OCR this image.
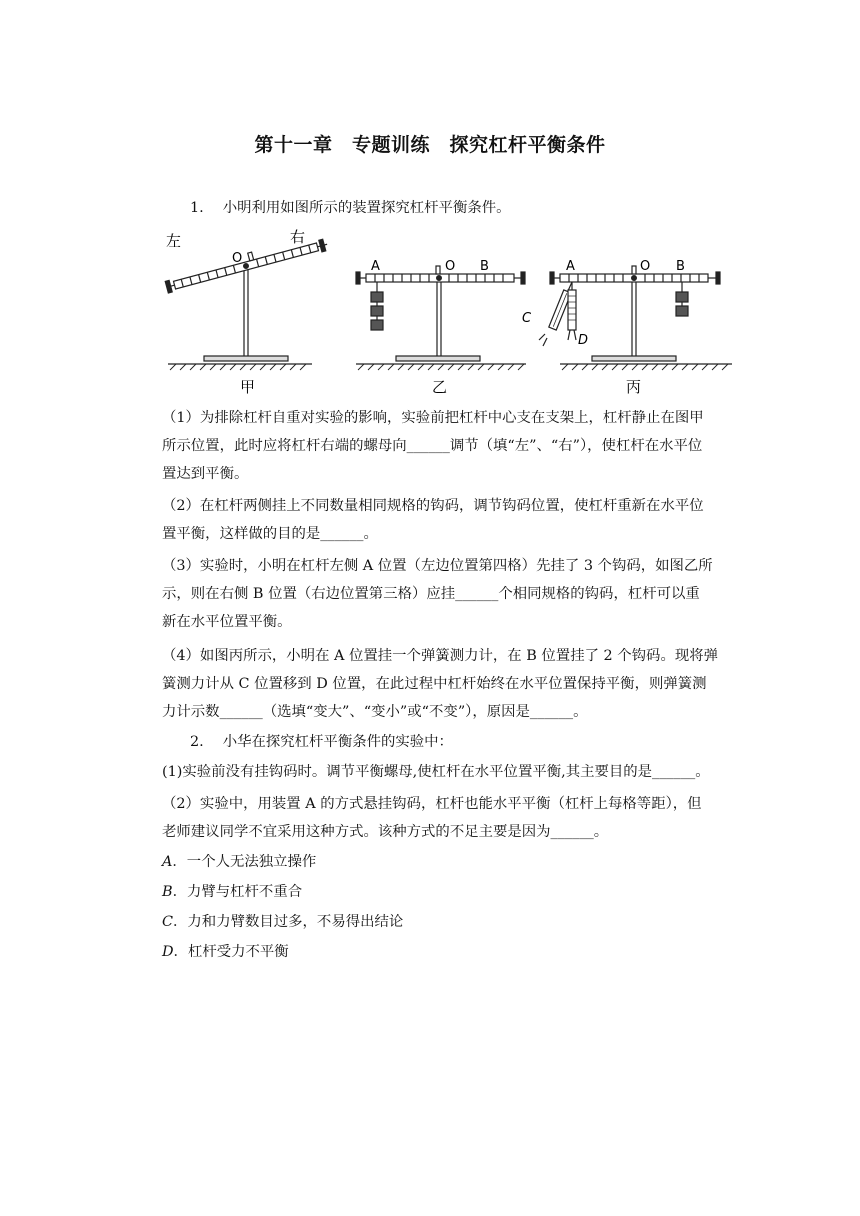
第十一章　专题训练　探究杠杆平衡条件
1.　 小明利用如图所示的装置探究杠杆平衡条件。
左	右
O
A	O B	A	O B
C
D
甲	乙	丙
（1）为排除杠杆自重对实验的影响，实验前把杠杆中心支在支架上，杠杆静止在图甲
所示位置，此时应将杠杆右端的螺母向______调节（填“左”、“右”），使杠杆在水平位
置达到平衡。
（2）在杠杆两侧挂上不同数量相同规格的钩码，调节钩码位置，使杠杆重新在水平位
置平衡，这样做的目的是______。
（3）实验时，小明在杠杆左侧 A 位置（左边位置第四格）先挂了 3 个钩码，如图乙所
示，则在右侧 B 位置（右边位置第三格）应挂______个相同规格的钩码，杠杆可以重
新在水平位置平衡。
（4）如图丙所示，小明在 A 位置挂一个弹簧测力计，在 B 位置挂了 2 个钩码。现将弹
簧测力计从 C 位置移到 D 位置，在此过程中杠杆始终在水平位置保持平衡，则弹簧测
力计示数______（选填“变大”、“变小”或“不变”），原因是______。
2.　 小华在探究杠杆平衡条件的实验中：
(1)实验前没有挂钩码时。调节平衡螺母,使杠杆在水平位置平衡,其主要目的是______。
（2）实验中，用装置 A 的方式悬挂钩码，杠杆也能水平平衡（杠杆上每格等距），但
老师建议同学不宜采用这种方式。该种方式的不足主要是因为______。
A．一个人无法独立操作
B．力臂与杠杆不重合
C．力和力臂数目过多，不易得出结论
D．杠杆受力不平衡
